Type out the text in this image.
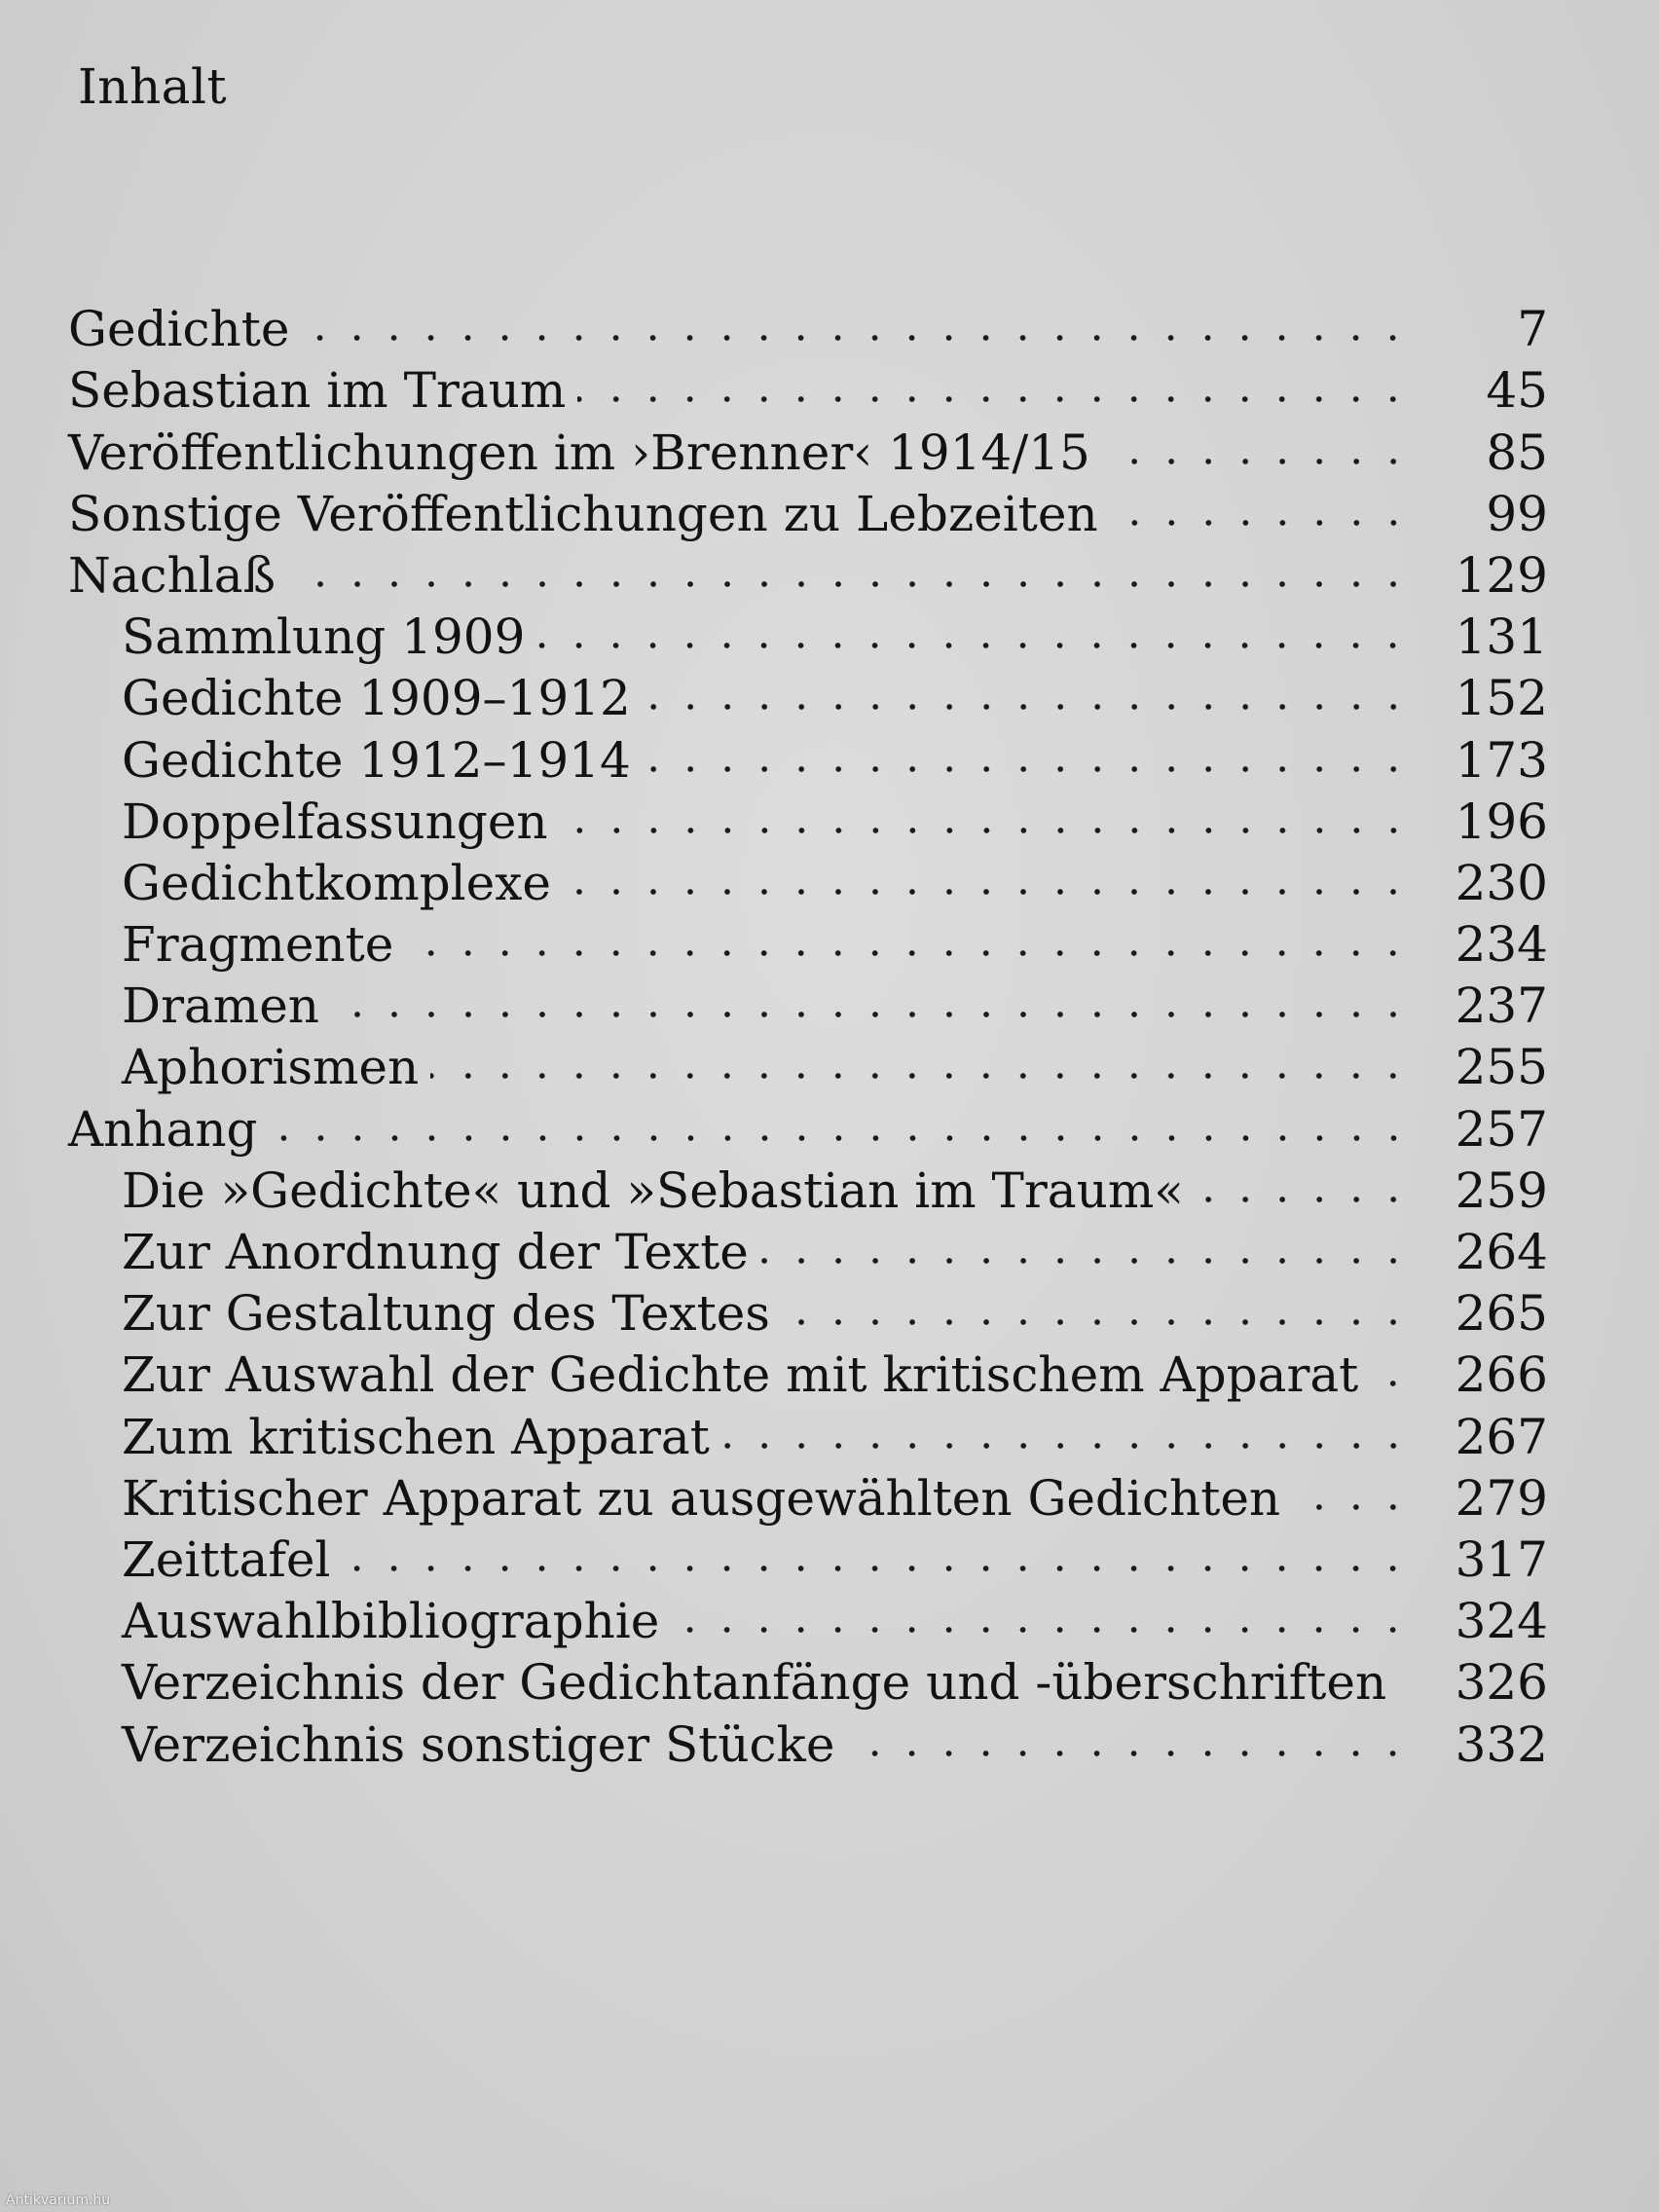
Inhalt
Gedichte	7
Sebastian im Traum	45
Veröffentlichungen im ›Brenner‹ 1914/15	85
Sonstige Veröffentlichungen zu Lebzeiten	99
Nachlaß	129
Sammlung 1909	131
Gedichte 1909–1912	152
Gedichte 1912–1914	173
Doppelfassungen	196
Gedichtkomplexe	230
Fragmente	234
Dramen	237
Aphorismen	255
Anhang	257
Die »Gedichte« und »Sebastian im Traum«	259
Zur Anordnung der Texte	264
Zur Gestaltung des Textes	265
Zur Auswahl der Gedichte mit kritischem Apparat 266
Zum kritischen Apparat	267
Kritischer Apparat zu ausgewählten Gedichten	279
Zeittafel	317
Auswahlbibliographie	324
Verzeichnis der Gedichtanfänge und -überschriften 326
Verzeichnis sonstiger Stücke	332
Antikvarium.hu
